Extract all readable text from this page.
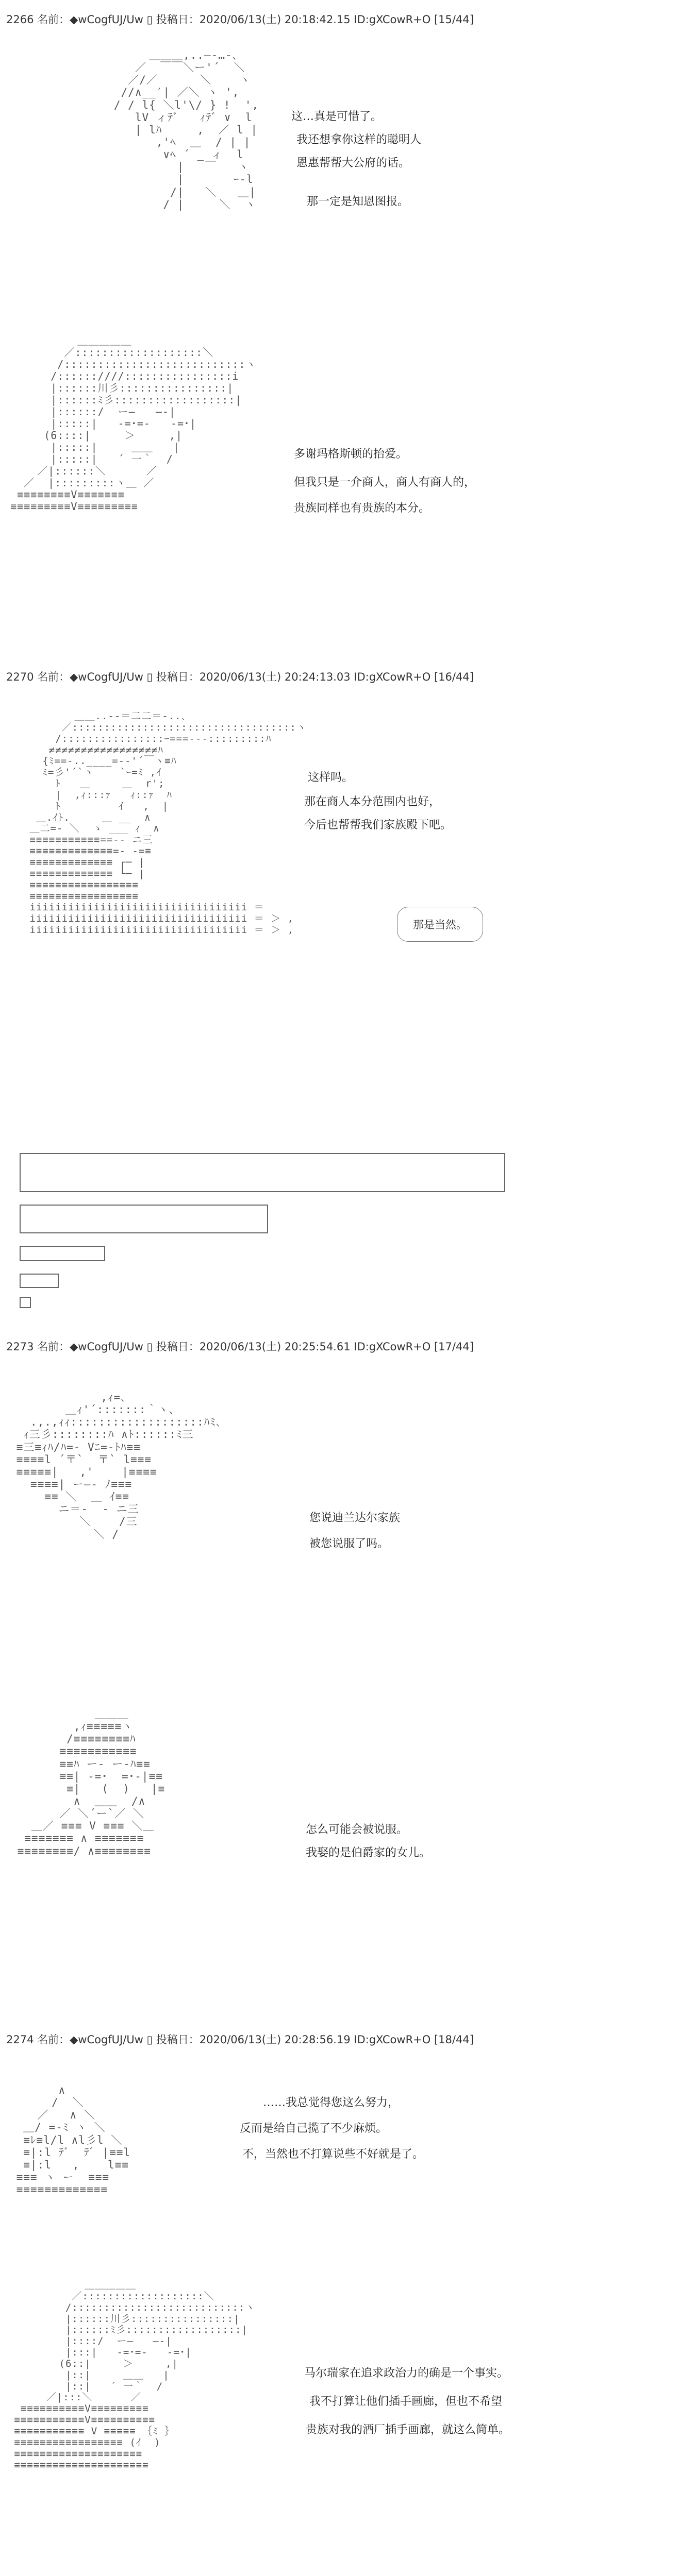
2266 名前：◆wCogfUJ/Uw ▯ 投稿日：2020/06/13(土) 20:18:42.15 ID:gXCowR+O [15/44]
＿＿＿,..―‐…-､
／  ￣￣＼ー'´  ＼
／/／      ＼    ヽ
//∧__′| ／＼ ヽ ',
/ / l{ ＼l'\/ } !  ',
lV ィﾃﾞ   ｨﾃﾞ ∨  l
| lﾊ     ,  ／ l |
,'ﾍ  ＿  / | |
∨ﾍ ´ _ ィ  l
|   ￣   ヽ
|       ｰ-l
/|   ＼   ＿|
/ |     ＼  ヽ
这…真是可惜了。
我还想拿你这样的聪明人
恩惠帮帮大公府的话。
那一定是知恩图报。
＿＿＿＿＿
／:::::::::::::::::::＼
/:::::::::::::::::::::::::::ヽ
/::::::////::::::::::::::::i
|::::::川彡::::::::::::::::|
|::::::ﾐ彡::::::::::::::::::|
|::::::/  ー―   ―‐|
|:::::|   ‐=･=-   -=･|
(6::::|     ＞     ,|
|:::::|     ＿＿   |
|:::::|   ´ 一｀  /
／|::::::＼      ／
／  |:::::::::ヽ＿ ／
≡≡≡≡≡≡≡≡V≡≡≡≡≡≡≡
≡≡≡≡≡≡≡≡≡V≡≡≡≡≡≡≡≡≡
多谢玛格斯顿的抬爱。
但我只是一介商人，商人有商人的，
贵族同样也有贵族的本分。
2270 名前：◆wCogfUJ/Uw ▯ 投稿日：2020/06/13(土) 20:24:13.03 ID:gXCowR+O [16/44]
＿＿..-‐＝二二＝-..､
／:::::::::::::::::::::::::::::::::::ヽ
/::::::::::::::::ｰ===---:::::::::ﾊ
≠≠≠≠≠≠≠≠≠≠≠≠≠≠≠≠≠ﾊ
{ﾐ==-..____=-‐'´￣ヽ≡ﾊ
ﾐ=彡'´`ヽ    `ｰ=ﾐ ,ｲ
ﾄ   ＿     ＿  r';
|  ,ｨ:::ｧ   ｨ::ｧ  ﾊ
ﾄ         ｲ   ,  |
＿.ｲﾄ.     ＿ __  ∧
＿二=- ＼  ゝ ___ ｨ  ∧
≡≡≡≡≡≡≡≡≡≡≡==-- ニ三
≡≡≡≡≡≡≡≡≡≡≡≡≡=- -=≡
≡≡≡≡≡≡≡≡≡≡≡≡≡ ┌─ |
≡≡≡≡≡≡≡≡≡≡≡≡≡ └─ |
≡≡≡≡≡≡≡≡≡≡≡≡≡≡≡≡≡
≡≡≡≡≡≡≡≡≡≡≡≡≡≡≡≡≡
iiiiiiiiiiiiiiiiiiiiiiiiiiiiiiiiii ＝
iiiiiiiiiiiiiiiiiiiiiiiiiiiiiiiiii ＝ ＞ ,
iiiiiiiiiiiiiiiiiiiiiiiiiiiiiiiiii ＝ ＞ ,
这样吗。
那在商人本分范围内也好，
今后也帮帮我们家族殿下吧。
那是当然。
2273 名前：◆wCogfUJ/Uw ▯ 投稿日：2020/06/13(土) 20:25:54.61 ID:gXCowR+O [17/44]
,ｨ=､
＿ｨ'´:::::::｀ヽ、
.,.,ｨｨ:::::::::::::::::::ﾊﾐ､
ｨ三彡::::::::ﾊ ∧ﾄ::::::ﾐ三
≡三≡ｨﾊ/ﾊ=‐ Vﾆ=-ﾄﾊ≡≡
≡≡≡≡l ´〒`  〒` l≡≡≡
≡≡≡≡≡|   ,'    |≡≡≡≡
≡≡≡≡| ー―‐ ﾉ≡≡≡
≡≡ ＼  ＿ ｲ≡≡
ニ＝-  ‐ ニ三
＼    /三
＼ /
您说迪兰达尔家族
被您说服了吗。
＿＿＿
,ｨ≡≡≡≡≡ヽ
/≡≡≡≡≡≡≡≡ﾊ
≡≡≡≡≡≡≡≡≡≡≡
≡≡ﾊ ー‐ ー‐ﾊ≡≡
≡≡| -=･  =･-|≡≡
≡|   (  )   |≡
∧  ＿＿  /∧
／ ＼´ー`／ ＼
＿／ ≡≡≡ V ≡≡≡ ＼＿
≡≡≡≡≡≡≡ ∧ ≡≡≡≡≡≡≡
≡≡≡≡≡≡≡≡/ ∧≡≡≡≡≡≡≡≡
怎么可能会被说服。
我娶的是伯爵家的女儿。
2274 名前：◆wCogfUJ/Uw ▯ 投稿日：2020/06/13(土) 20:28:56.19 ID:gXCowR+O [18/44]
∧
/  ＼
／   ∧ ＼
＿/ =-ﾐ ヽ ＼
≡ﾚ≡l/l ∧l彡l ＼
≡|:l ﾃﾞ  ﾃﾞ |≡≡l
≡|:l   ,    l≡≡
≡≡≡ ヽ ー  ≡≡≡
≡≡≡≡≡≡≡≡≡≡≡≡≡
……我总觉得您这么努力，
反而是给自己揽了不少麻烦。
不，当然也不打算说些不好就是了。
＿＿＿＿＿
／:::::::::::::::::::＼
/:::::::::::::::::::::::::::ヽ
|::::::川彡::::::::::::::::|
|::::::ﾐ彡::::::::::::::::::|
|::::/  ー―   ―‐|
|:::|   ‐=･=-   -=･|
(6::|     ＞     ,|
|::|     ＿＿   |
|::|   ´ 一｀  /
／|:::＼      ／
≡≡≡≡≡≡≡≡≡≡V≡≡≡≡≡≡≡≡≡
≡≡≡≡≡≡≡≡≡≡≡V≡≡≡≡≡≡≡≡≡≡
≡≡≡≡≡≡≡≡≡≡≡ V ≡≡≡≡≡ ｛ﾐ ｝
≡≡≡≡≡≡≡≡≡≡≡≡≡≡≡≡≡ (ｲ  )
≡≡≡≡≡≡≡≡≡≡≡≡≡≡≡≡≡≡≡≡
≡≡≡≡≡≡≡≡≡≡≡≡≡≡≡≡≡≡≡≡≡
马尔瑞家在追求政治力的确是一个事实。
我不打算让他们插手画廊，但也不希望
贵族对我的酒厂插手画廊，就这么简单。
